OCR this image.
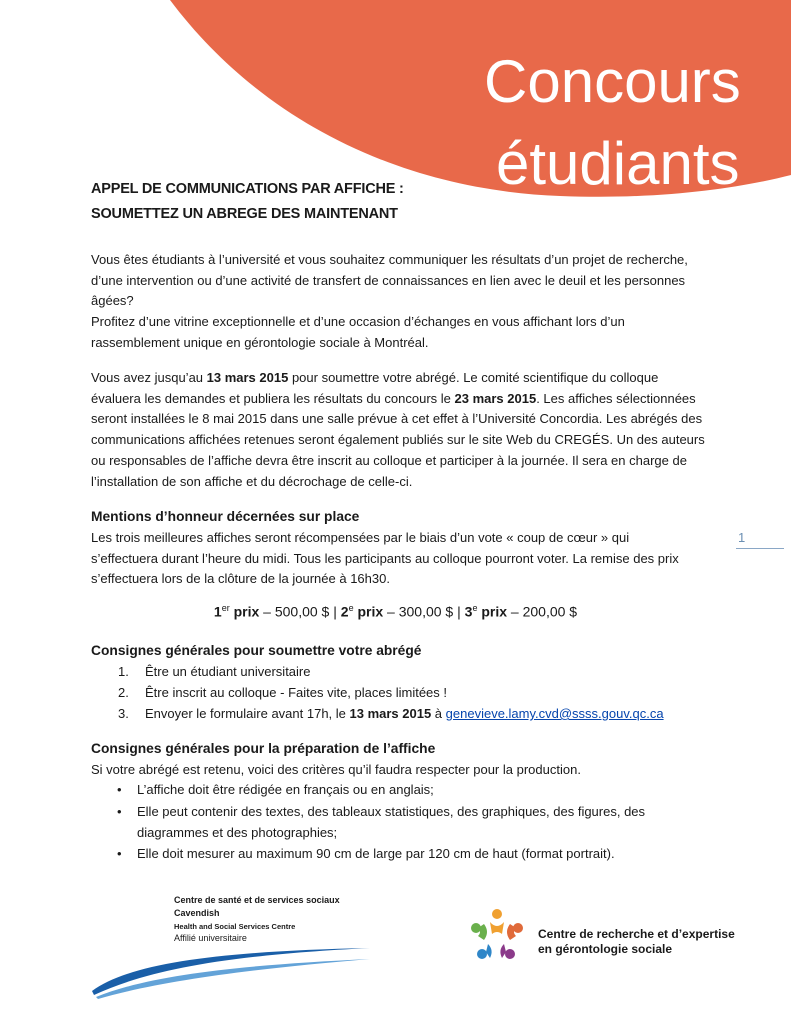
Concours
étudiants
APPEL DE COMMUNICATIONS PAR AFFICHE :
SOUMETTEZ UN ABREGE DES MAINTENANT
Vous êtes étudiants à l’université et vous souhaitez communiquer les résultats d’un projet de recherche,
d’une intervention ou d’une activité de transfert de connaissances en lien avec le deuil et les personnes
âgées?
Profitez d’une vitrine exceptionnelle et d’une occasion d’échanges en vous affichant lors d’un
rassemblement unique en gérontologie sociale à Montréal.
Vous avez jusqu’au 13 mars 2015 pour soumettre votre abrégé. Le comité scientifique du colloque
évaluera les demandes et publiera les résultats du concours le 23 mars 2015. Les affiches sélectionnées
seront installées le 8 mai 2015 dans une salle prévue à cet effet à l’Université Concordia. Les abrégés des
communications affichées retenues seront également publiés sur le site Web du CREGÉS. Un des auteurs
ou responsables de l’affiche devra être inscrit au colloque et participer à la journée. Il sera en charge de
l’installation de son affiche et du décrochage de celle-ci.
Mentions d’honneur décernées sur place
Les trois meilleures affiches seront récompensées par le biais d’un vote « coup de cœur » qui
s’effectuera durant l’heure du midi. Tous les participants au colloque pourront voter. La remise des prix
s’effectuera lors de la clôture de la journée à 16h30.
1
1er prix – 500,00 $ | 2e prix – 300,00 $ | 3e prix – 200,00 $
Consignes générales pour soumettre votre abrégé
1. Être un étudiant universitaire
2. Être inscrit au colloque - Faites vite, places limitées !
3. Envoyer le formulaire avant 17h, le 13 mars 2015 à genevieve.lamy.cvd@ssss.gouv.qc.ca
Consignes générales pour la préparation de l’affiche
Si votre abrégé est retenu, voici des critères qu’il faudra respecter pour la production.
• L’affiche doit être rédigée en français ou en anglais;
• Elle peut contenir des textes, des tableaux statistiques, des graphiques, des figures, des
diagrammes et des photographies;
• Elle doit mesurer au maximum 90 cm de large par 120 cm de haut (format portrait).
Centre de santé et de services sociaux
Cavendish
Health and Social Services Centre
Affilié universitaire	Centre de recherche et d’expertise
en gérontologie sociale
